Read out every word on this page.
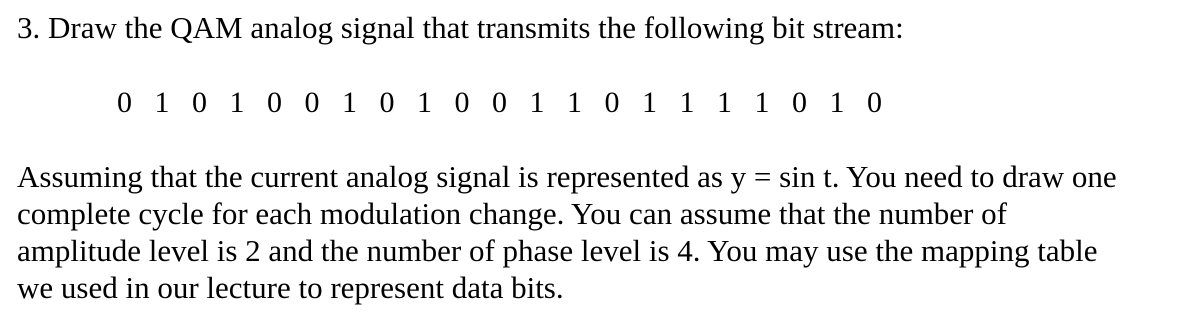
3. Draw the QAM analog signal that transmits the following bit stream:

0 1 0 1 0 0 1 0 1 0 0 1 1 0 1 1 1 1 0 1 0

Assuming that the current analog signal is represented as y = sin t. You need to draw one
complete cycle for each modulation change. You can assume that the number of
amplitude level is 2 and the number of phase level is 4. You may use the mapping table
we used in our lecture to represent data bits.
